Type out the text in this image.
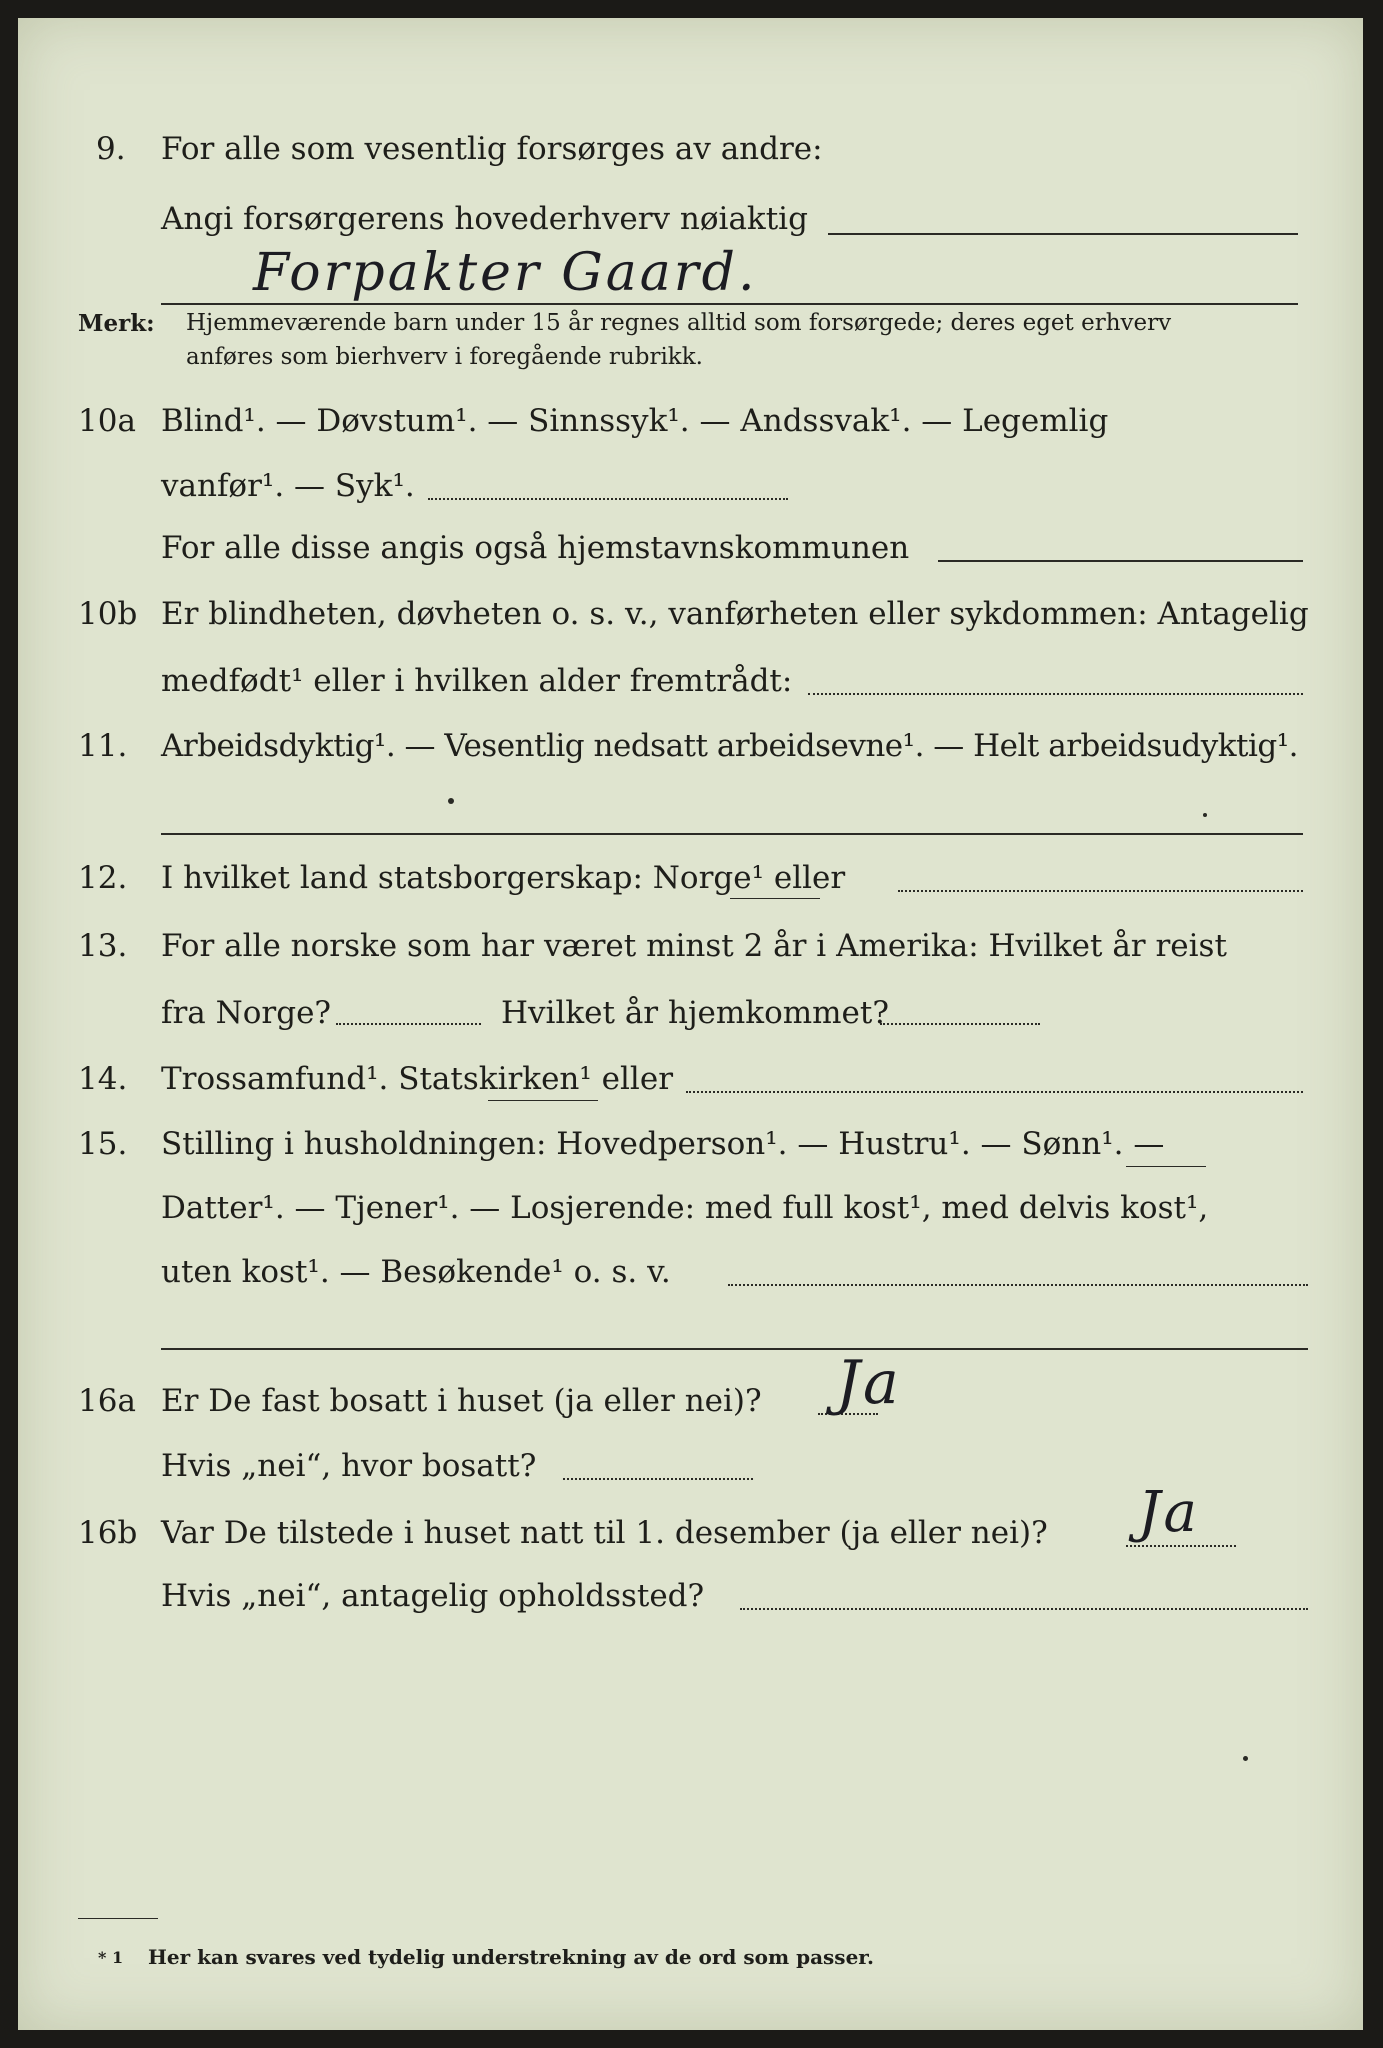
9. For alle som vesentlig forsørges av andre:
Angi forsørgerens hovederhverv nøiaktig
Forpakter Gaard.
Merk: Hjemmeværende barn under 15 år regnes alltid som forsørgede; deres eget erhverv
anføres som bierhverv i foregående rubrikk.
10a Blind¹. — Døvstum¹. — Sinnssyk¹. — Andssvak¹. — Legemlig
vanfør¹. — Syk¹.
For alle disse angis også hjemstavnskommunen
10b Er blindheten, døvheten o. s. v., vanførheten eller sykdommen: Antagelig
medfødt¹ eller i hvilken alder fremtrådt:
11. Arbeidsdyktig¹. — Vesentlig nedsatt arbeidsevne¹. — Helt arbeidsudyktig¹.
12. I hvilket land statsborgerskap: Norge¹ eller
13. For alle norske som har været minst 2 år i Amerika: Hvilket år reist
fra Norge?	Hvilket år hjemkommet?
14. Trossamfund¹. Statskirken¹ eller
15. Stilling i husholdningen: Hovedperson¹. — Hustru¹. — Sønn¹. —
Datter¹. — Tjener¹. — Losjerende: med full kost¹, med delvis kost¹,
uten kost¹. — Besøkende¹ o. s. v.
16a Er De fast bosatt i huset (ja eller nei)? Ja
Hvis „nei“, hvor bosatt?
16b Var De tilstede i huset natt til 1. desember (ja eller nei)? Ja
Hvis „nei“, antagelig opholdssted?
* 1 Her kan svares ved tydelig understrekning av de ord som passer.
